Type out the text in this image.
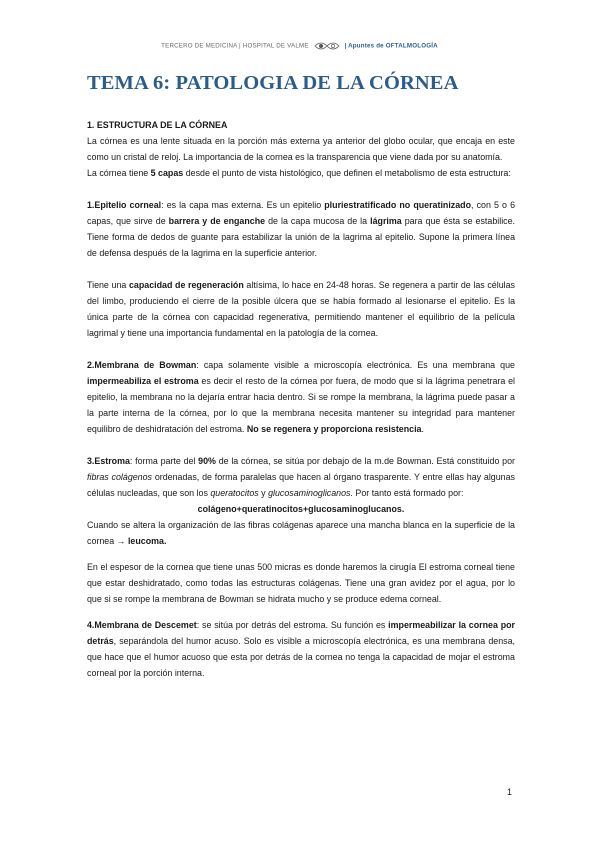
TERCERO DE MEDICINA | HOSPITAL DE VALME	| Apuntes de OFTALMOLOGÍA
TEMA 6: PATOLOGIA DE LA CÓRNEA

1. ESTRUCTURA DE LA CÓRNEA

La córnea es una lente situada en la porción más externa ya anterior del globo ocular, que encaja en este como un cristal de reloj. La importancia de la cornea es la transparencia que viene dada por su anatomía.

La córnea tiene 5 capas desde el punto de vista histológico, que definen el metabolismo de esta estructura:

1.Epitelio corneal: es la capa mas externa. Es un epitelio pluriestratificado no queratinizado, con 5 o 6 capas, que sirve de barrera y de enganche de la capa mucosa de la lágrima para que ésta se estabilice. Tiene forma de dedos de guante para estabilizar la unión de la lagrima al epitelio. Supone la primera línea de defensa después de la lagrima en la superficie anterior.

Tiene una capacidad de regeneración altísima, lo hace en 24-48 horas. Se regenera a partir de las células del limbo, produciendo el cierre de la posible úlcera que se había formado al lesionarse el epitelio. Es la única parte de la córnea con capacidad regenerativa, permitiendo mantener el equilibrio de la película lagrimal y tiene una importancia fundamental en la patología de la cornea.

2.Membrana de Bowman: capa solamente visible a microscopía electrónica. Es una membrana que impermeabiliza el estroma es decir el resto de la córnea por fuera, de modo que si la lágrima penetrara el epitelio, la membrana no la dejaría entrar hacia dentro. Si se rompe la membrana, la lágrima puede pasar a la parte interna de la córnea, por lo que la membrana necesita mantener su integridad para mantener equilibro de deshidratación del estroma. No se regenera y proporciona resistencia.

3.Estroma: forma parte del 90% de la córnea, se sitúa por debajo de la m.de Bowman. Está constituido por fibras colágenos ordenadas, de forma paralelas que hacen al órgano trasparente. Y entre ellas hay algunas células nucleadas, que son los queratocitos y glucosaminoglicanos. Por tanto está formado por:

colágeno+queratinocitos+glucosaminoglucanos.

Cuando se altera la organización de las fibras colágenas aparece una mancha blanca en la superficie de la cornea → leucoma.

En el espesor de la cornea que tiene unas 500 micras es donde haremos la cirugía El estroma corneal tiene que estar deshidratado, como todas las estructuras colágenas. Tiene una gran avidez por el agua, por lo que si se rompe la membrana de Bowman se hidrata mucho y se produce edema corneal.

4.Membrana de Descemet: se sitúa por detrás del estroma. Su función es impermeabilizar la cornea por detrás, separándola del humor acuso. Solo es visible a microscopía electrónica, es una membrana densa, que hace que el humor acuoso que esta por detrás de la cornea no tenga la capacidad de mojar el estroma corneal por la porción interna.

1
